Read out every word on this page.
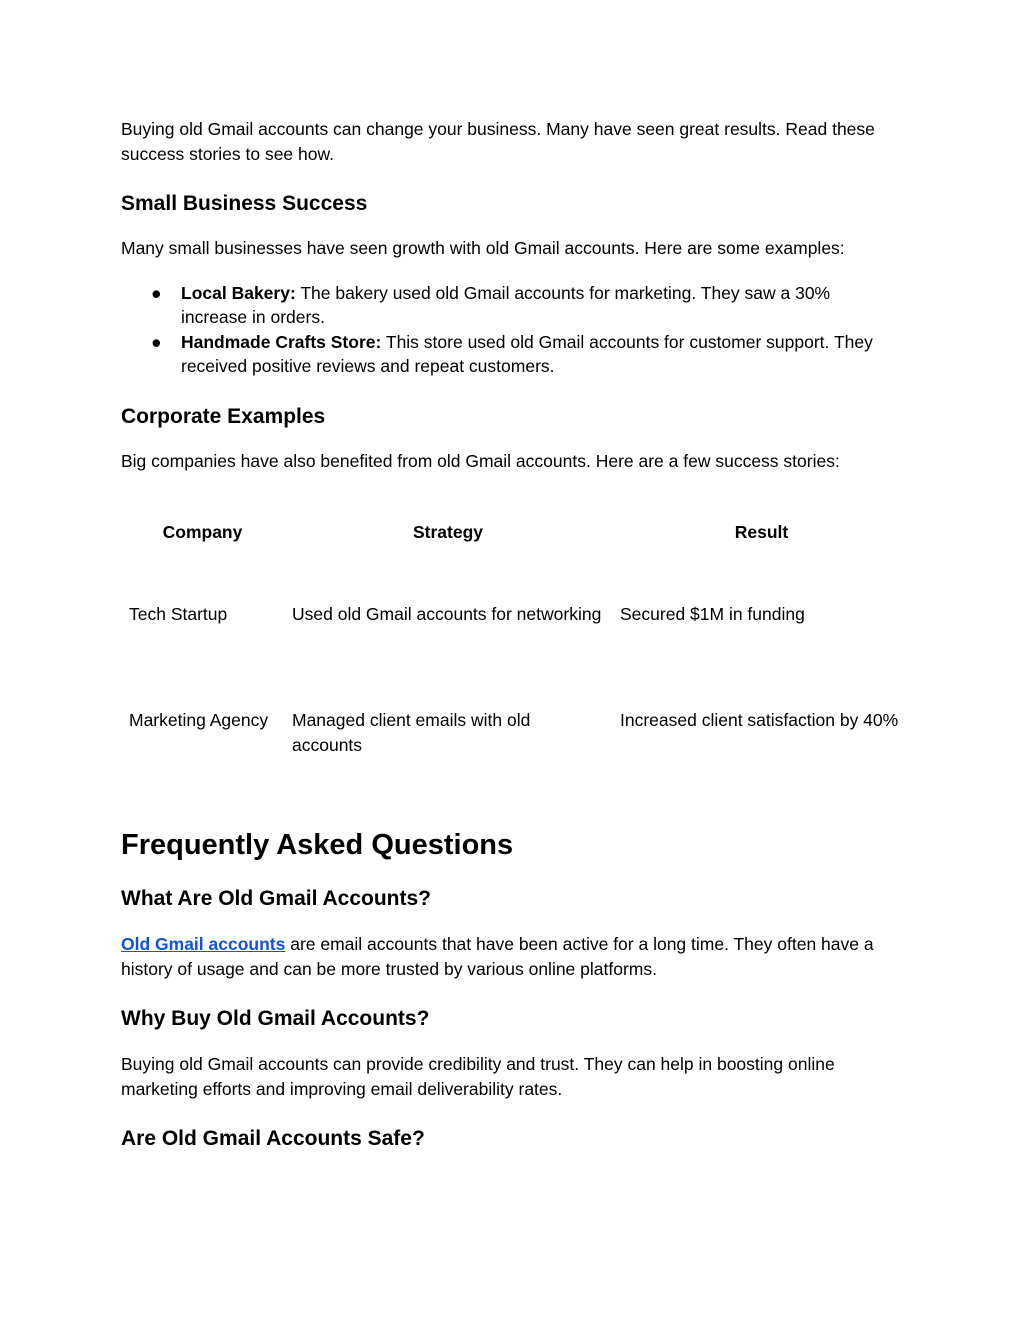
Buying old Gmail accounts can change your business. Many have seen great results. Read these success stories to see how.

Small Business Success

Many small businesses have seen growth with old Gmail accounts. Here are some examples:

● Local Bakery: The bakery used old Gmail accounts for marketing. They saw a 30% increase in orders.
● Handmade Crafts Store: This store used old Gmail accounts for customer support. They received positive reviews and repeat customers.
Corporate Examples

Big companies have also benefited from old Gmail accounts. Here are a few success stories:

Company	Strategy	Result
Tech Startup	Used old Gmail accounts for networking	Secured $1M in funding
Marketing Agency	Managed client emails with old accounts	Increased client satisfaction by 40%
Frequently Asked Questions
What Are Old Gmail Accounts?

Old Gmail accounts are email accounts that have been active for a long time. They often have a history of usage and can be more trusted by various online platforms.

Why Buy Old Gmail Accounts?

Buying old Gmail accounts can provide credibility and trust. They can help in boosting online marketing efforts and improving email deliverability rates.

Are Old Gmail Accounts Safe?
